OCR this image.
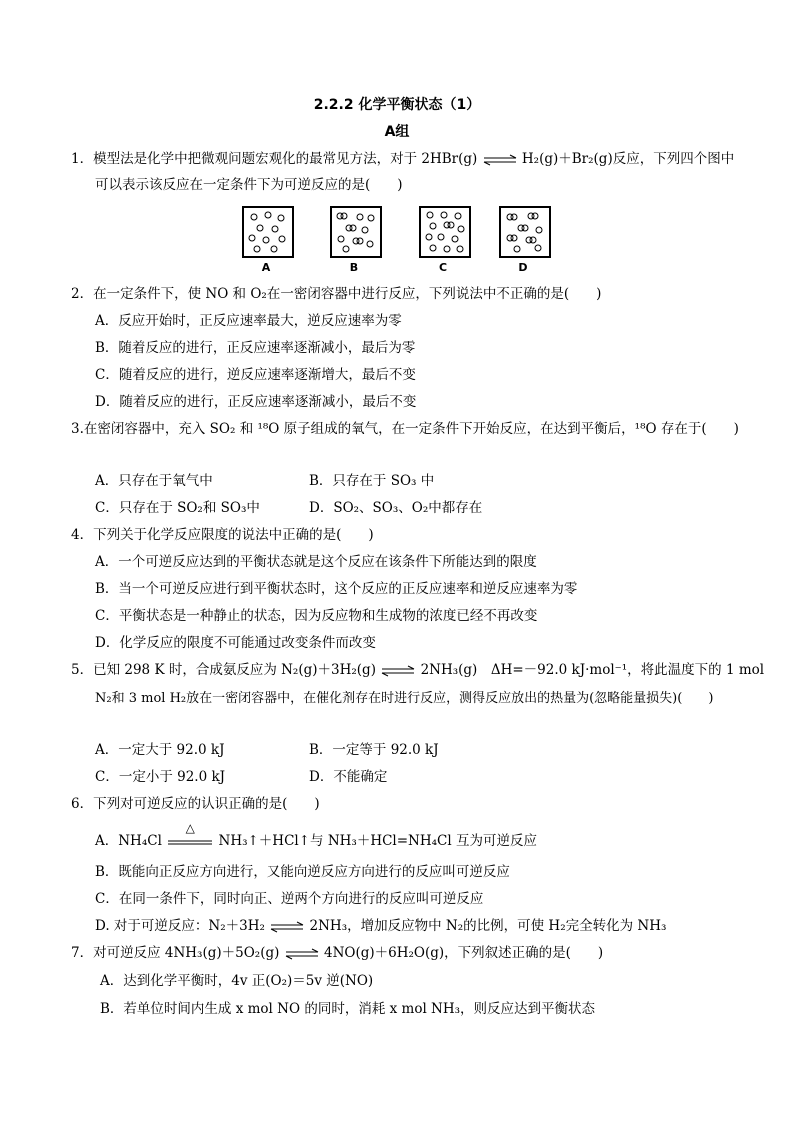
2.2.2 化学平衡状态（1）
A组
1．模型法是化学中把微观问题宏观化的最常见方法，对于 2HBr(g) ⇌ H₂(g)＋Br₂(g)反应，下列四个图中
可以表示该反应在一定条件下为可逆反应的是(　　)
A	B	C	D
2．在一定条件下，使 NO 和 O₂在一密闭容器中进行反应，下列说法中不正确的是(　　)
A．反应开始时，正反应速率最大，逆反应速率为零
B．随着反应的进行，正反应速率逐渐减小，最后为零
C．随着反应的进行，逆反应速率逐渐增大，最后不变
D．随着反应的进行，正反应速率逐渐减小，最后不变
3.在密闭容器中，充入 SO₂ 和 ¹⁸O 原子组成的氧气，在一定条件下开始反应，在达到平衡后，¹⁸O 存在于(　　)
A．只存在于氧气中	B．只存在于 SO₃ 中
C．只存在于 SO₂和 SO₃中	D．SO₂、SO₃、O₂中都存在
4．下列关于化学反应限度的说法中正确的是(　　)
A．一个可逆反应达到的平衡状态就是这个反应在该条件下所能达到的限度
B．当一个可逆反应进行到平衡状态时，这个反应的正反应速率和逆反应速率为零
C．平衡状态是一种静止的状态，因为反应物和生成物的浓度已经不再改变
D．化学反应的限度不可能通过改变条件而改变
5．已知 298 K 时，合成氨反应为 N₂(g)＋3H₂(g) ⇌ 2NH₃(g)　ΔH=－92.0 kJ·mol⁻¹，将此温度下的 1 mol
N₂和 3 mol H₂放在一密闭容器中，在催化剂存在时进行反应，测得反应放出的热量为(忽略能量损失)(　　)
A．一定大于 92.0 kJ	B．一定等于 92.0 kJ
C．一定小于 92.0 kJ	D．不能确定
6．下列对可逆反应的认识正确的是(　　)
A．NH₄Cl
△
NH₃↑＋HCl↑与 NH₃＋HCl=NH₄Cl 互为可逆反应
B．既能向正反应方向进行，又能向逆反应方向进行的反应叫可逆反应
C．在同一条件下，同时向正、逆两个方向进行的反应叫可逆反应
D. 对于可逆反应：N₂＋3H₂ ⇌ 2NH₃，增加反应物中 N₂的比例，可使 H₂完全转化为 NH₃
7．对可逆反应 4NH₃(g)＋5O₂(g) ⇌ 4NO(g)＋6H₂O(g)，下列叙述正确的是(　　)
A．达到化学平衡时，4v 正(O₂)＝5v 逆(NO)
B．若单位时间内生成 x mol NO 的同时，消耗 x mol NH₃，则反应达到平衡状态
